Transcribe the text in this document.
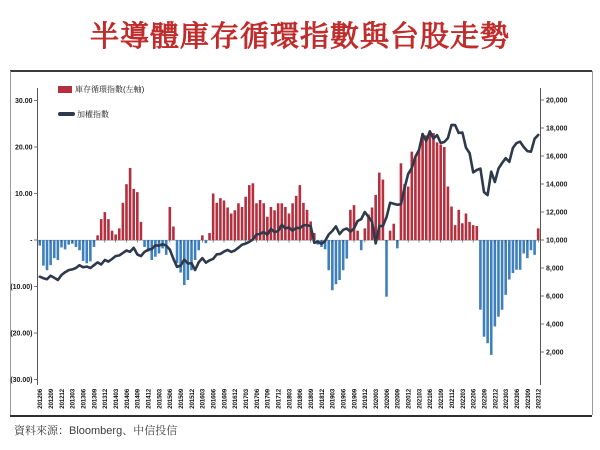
半導體庫存循環指數與台股走勢
30.00
20.00
10.00
-
(10.00)
(20.00)
(30.00)
20,000
18,000
16,000
14,000
12,000
10,000
8,000
6,000
4,000
2,000
201206 201209 201212 201303 201306 201309 201312 201403 201406 201409 201412 201503 201506 201509 201512 201603 201606 201609 201612 201703 201706 201709 201712 201803 201806 201809 201812 201903 201906 201909 201912 202003 202006 202009 202012 202103 202106 202109 202112 202203 202206 202209 202212 202303 202306 202309 202312
庫存循環指數(左軸)
加權指數
資料來源：Bloomberg、中信投信
